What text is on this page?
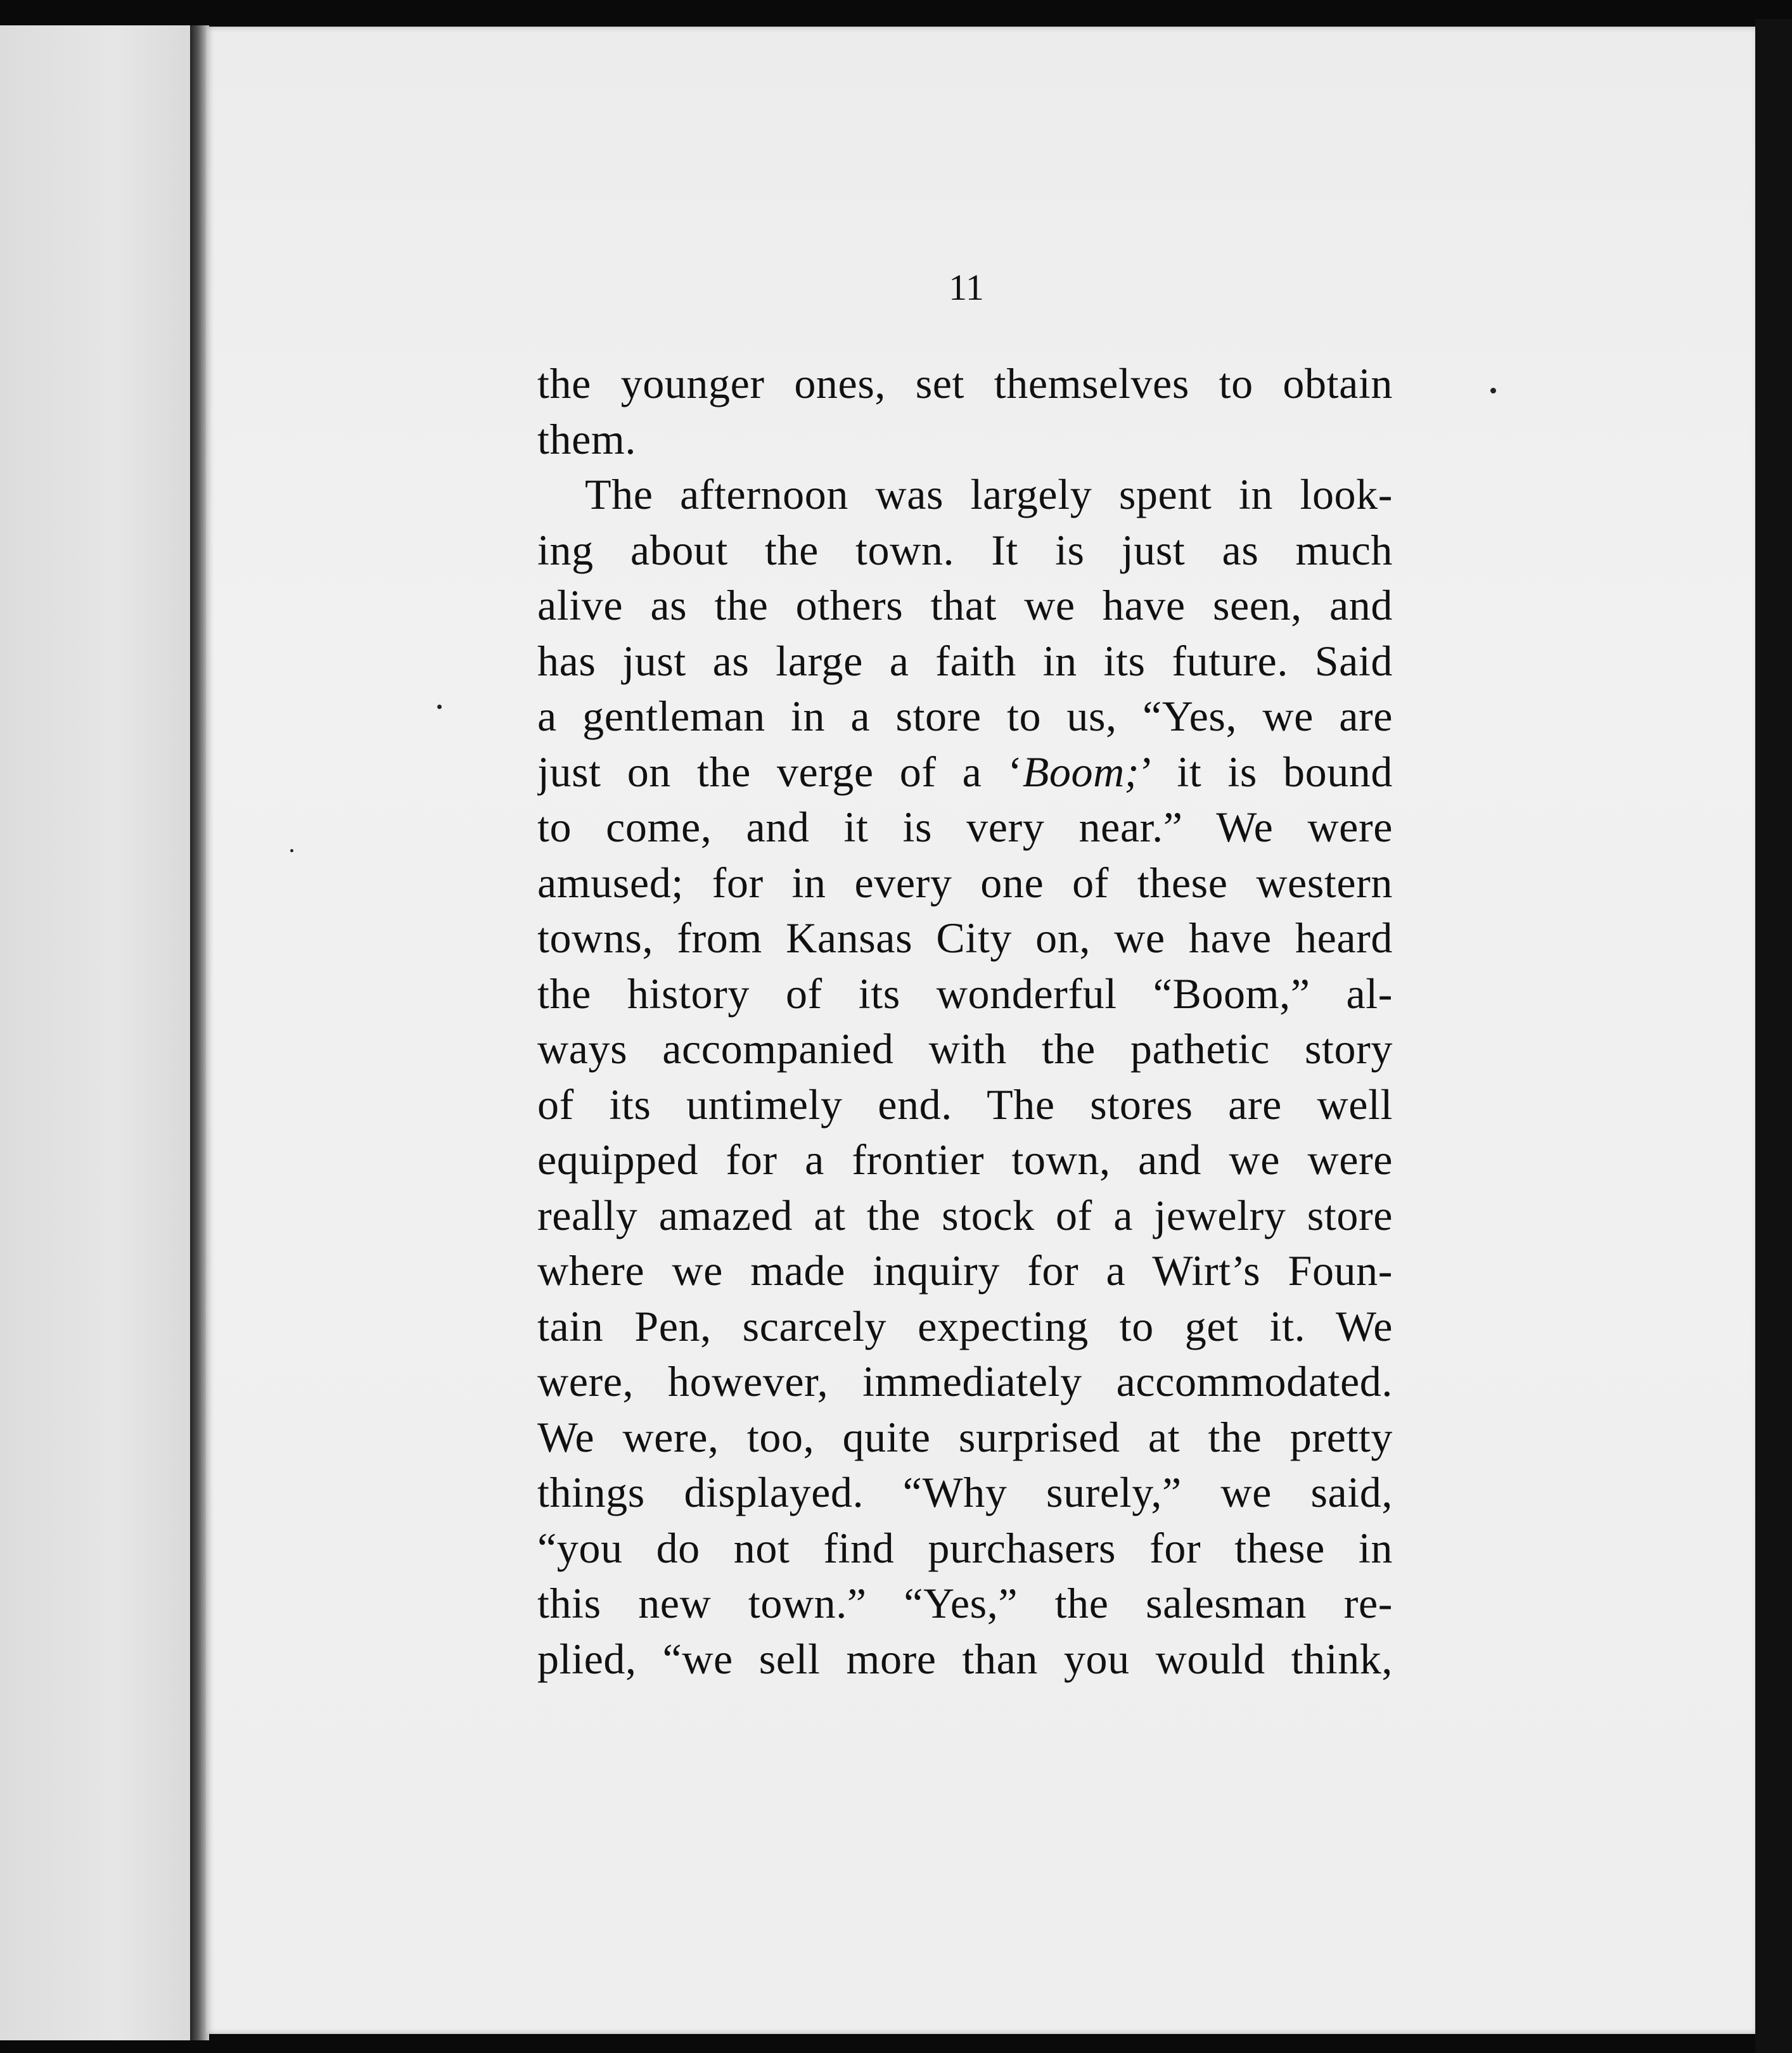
11
the younger ones, set themselves to obtain
them.
The afternoon was largely spent in look-
ing about the town. It is just as much
alive as the others that we have seen, and
has just as large a faith in its future. Said
a gentleman in a store to us, “Yes, we are
just on the verge of a ‘Boom;’ it is bound
to come, and it is very near.” We were
amused; for in every one of these western
towns, from Kansas City on, we have heard
the history of its wonderful “Boom,” al-
ways accompanied with the pathetic story
of its untimely end. The stores are well
equipped for a frontier town, and we were
really amazed at the stock of a jewelry store
where we made inquiry for a Wirt’s Foun-
tain Pen, scarcely expecting to get it. We
were, however, immediately accommodated.
We were, too, quite surprised at the pretty
things displayed. “Why surely,” we said,
“you do not find purchasers for these in
this new town.” “Yes,” the salesman re-
plied, “we sell more than you would think,
